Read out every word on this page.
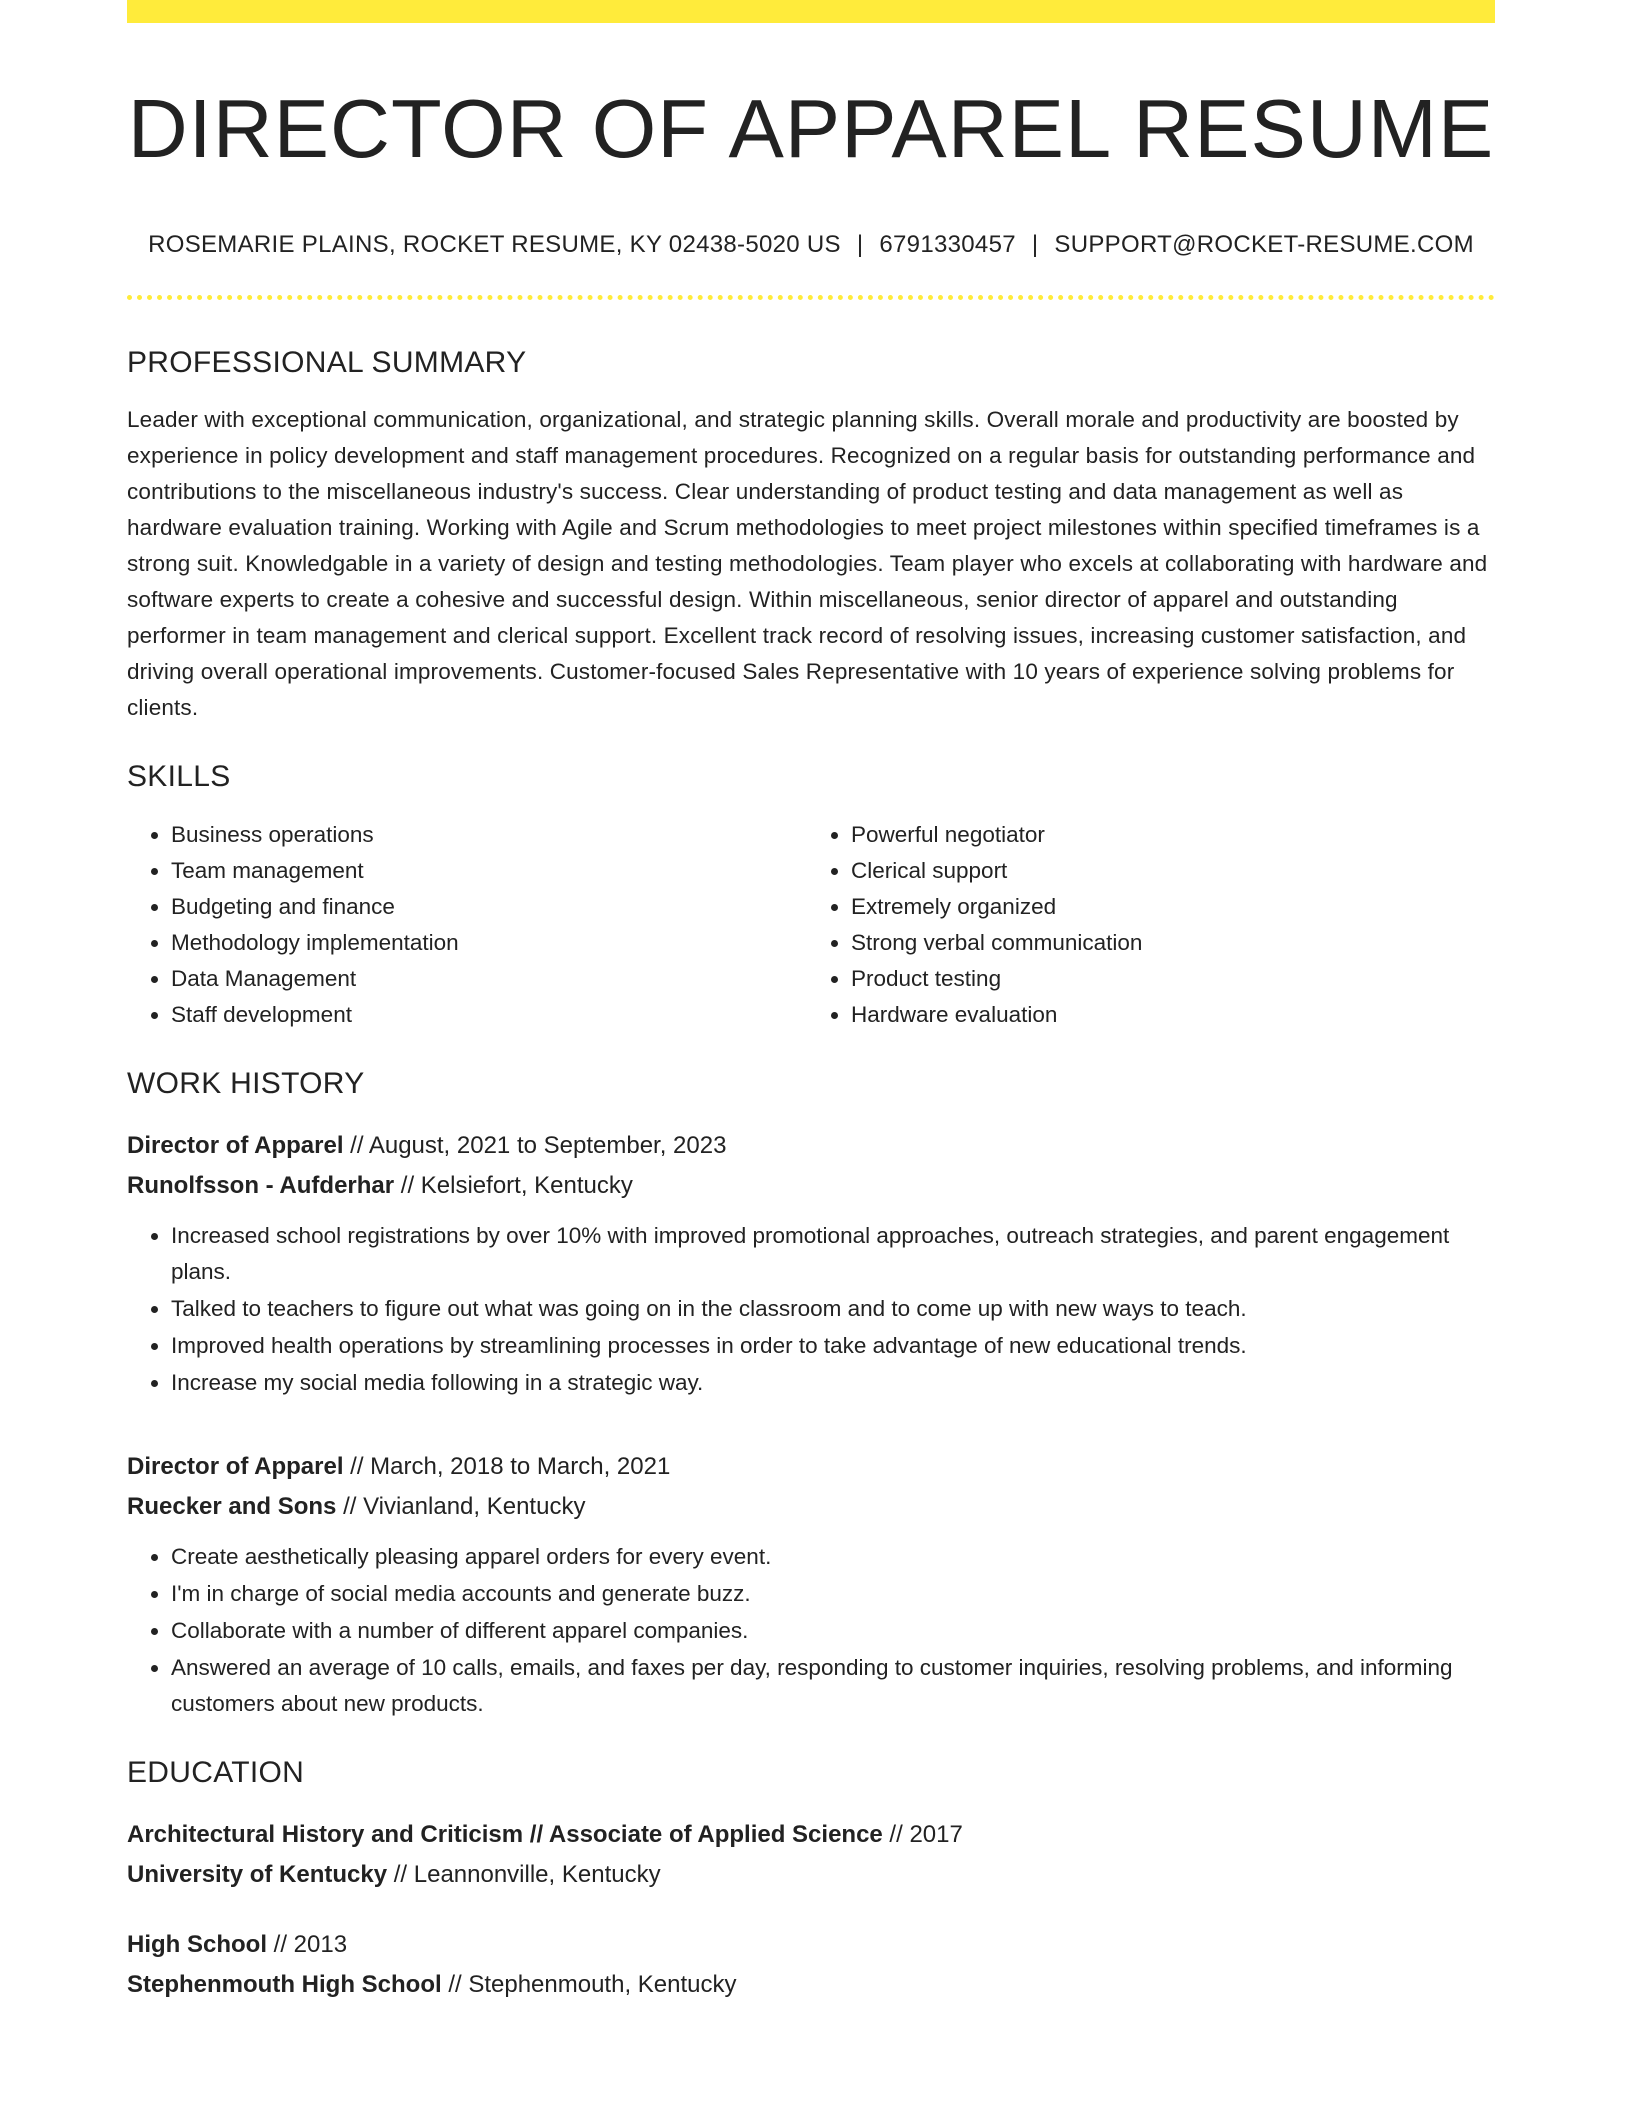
DIRECTOR OF APPAREL RESUME
ROSEMARIE PLAINS, ROCKET RESUME, KY 02438-5020 US | 6791330457 | SUPPORT@ROCKET-RESUME.COM
PROFESSIONAL SUMMARY
Leader with exceptional communication, organizational, and strategic planning skills. Overall morale and productivity are boosted by experience in policy development and staff management procedures. Recognized on a regular basis for outstanding performance and contributions to the miscellaneous industry's success. Clear understanding of product testing and data management as well as hardware evaluation training. Working with Agile and Scrum methodologies to meet project milestones within specified timeframes is a strong suit. Knowledgable in a variety of design and testing methodologies. Team player who excels at collaborating with hardware and software experts to create a cohesive and successful design. Within miscellaneous, senior director of apparel and outstanding performer in team management and clerical support. Excellent track record of resolving issues, increasing customer satisfaction, and driving overall operational improvements. Customer-focused Sales Representative with 10 years of experience solving problems for clients.
SKILLS
• Business operations
• Team management
• Budgeting and finance
• Methodology implementation
• Data Management
• Staff development
• Powerful negotiator
• Clerical support
• Extremely organized
• Strong verbal communication
• Product testing
• Hardware evaluation
WORK HISTORY
Director of Apparel // August, 2021 to September, 2023
Runolfsson - Aufderhar // Kelsiefort, Kentucky
• Increased school registrations by over 10% with improved promotional approaches, outreach strategies, and parent engagement plans.
• Talked to teachers to figure out what was going on in the classroom and to come up with new ways to teach.
• Improved health operations by streamlining processes in order to take advantage of new educational trends.
• Increase my social media following in a strategic way.
Director of Apparel // March, 2018 to March, 2021
Ruecker and Sons // Vivianland, Kentucky
• Create aesthetically pleasing apparel orders for every event.
• I'm in charge of social media accounts and generate buzz.
• Collaborate with a number of different apparel companies.
• Answered an average of 10 calls, emails, and faxes per day, responding to customer inquiries, resolving problems, and informing customers about new products.
EDUCATION
Architectural History and Criticism // Associate of Applied Science // 2017
University of Kentucky // Leannonville, Kentucky
High School // 2013
Stephenmouth High School // Stephenmouth, Kentucky
